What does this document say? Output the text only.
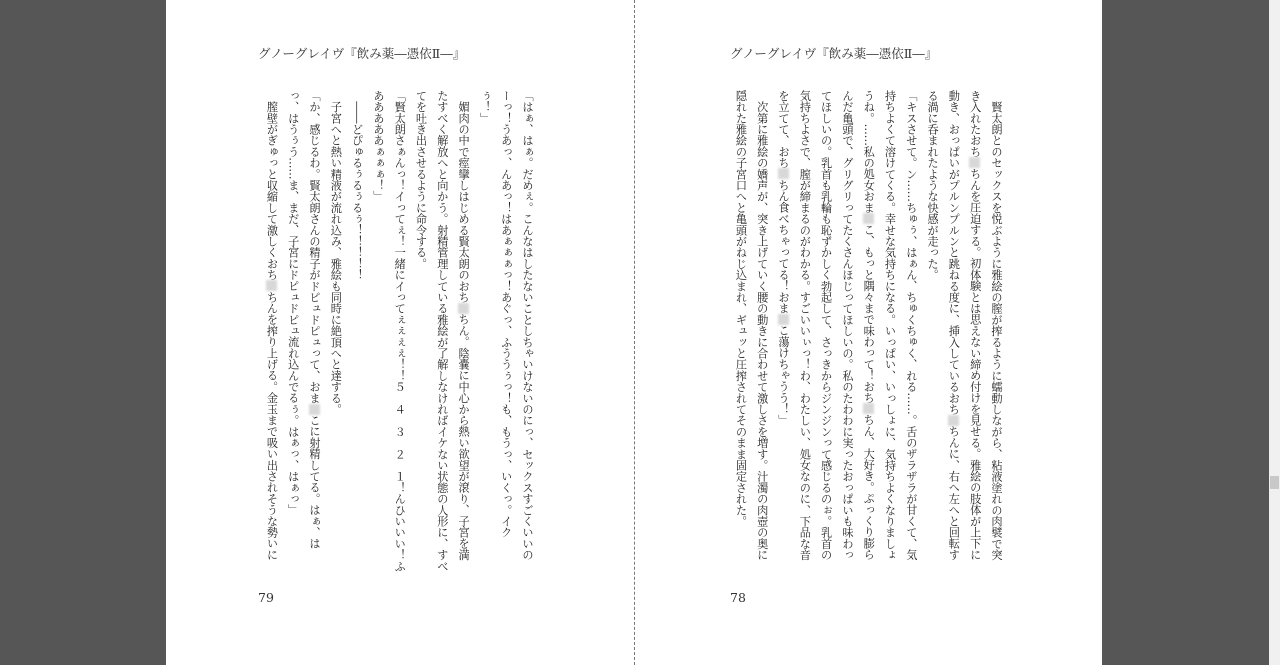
グノーグレイヴ『飲み薬―憑依Ⅱ―』
「はぁ、はぁ。だめぇ。こんなはしたないことしちゃいけないのにっ、セックスすごくいいの
ーっ！うあっ、んあっ！はあぁぁぁっ！あぐっ、ふううぅっ！も、もうっ、いくっ。イク
ぅ！」
　媚肉の中で痙攣しはじめる賢太朗のおちちん。陰嚢に中心から熱い欲望が滾り、子宮を満
たすべく解放へと向かう。射精管理している雅絵が了解しなければイケない状態の人形に、すべ
てを吐き出させるように命令する。
「賢太朗さぁんっ！イってぇ！一緒にイってぇぇぇぇ！！５　４　３　２　１！んひいいい！ふ
あああああぁぁぁ！」
　――どぴゅるぅるぅるぅ！！！！！
　子宮へと熱い精液が流れ込み、雅絵も同時に絶頂へと達する。
「か、感じるわ。賢太朗さんの精子がドピュドピュって、おまこに射精してる。はぁ、は
っ、はうぅう……ま、まだ、子宮にドピュドピュ流れ込んでるぅ。はぁっ、はぁっ」
　膣壁がぎゅっと収縮して激しくおちちんを搾り上げる。金玉まで吸い出されそうな勢いに
79
グノーグレイヴ『飲み薬―憑依Ⅱ―』
　賢太朗とのセックスを悦ぶように雅絵の膣が搾るように蠕動しながら、粘液塗れの肉襞で突
き入れたおちちんを圧迫する。初体験とは思えない締め付けを見せる。雅絵の肢体が上下に
動き、おっぱいがプルンプルンと跳ねる度に、挿入しているおちちんに、右へ左へと回転す
る渦に呑まれたような快感が走った。
「キスさせて。ン……ちゅぅ、はぁん、ちゅくちゅく、れる……。舌のザラザラが甘くて、気
持ちよくて溶けてくる。幸せな気持ちになる。いっぱい、いっしょに、気持ちよくなりましょ
うね。……私の処女おまこ、もっと隅々まで味わって！おちちん、大好き。ぷっくり膨ら
んだ亀頭で、グリグリってたくさんほじってほしいの。私のたわわに実ったおっぱいも味わっ
てほしいの。乳首も乳輪も恥ずかしく勃起して、さっきからジンジンって感じるのぉ。乳首の
気持ちよさで、膣が締まるのがわかる。すごいいぃっ！わ、わたしい、処女なのに、下品な音
を立てて、おちちん食べちゃってる！おまこ蕩けちゃうう！」
　次第に雅絵の嬌声が、突き上げていく腰の動きに合わせて激しさを増す。汁濁の肉壺の奥に
隠れた雅絵の子宮口へと亀頭がねじ込まれ、ギュッと圧搾されてそのまま固定された。
78
